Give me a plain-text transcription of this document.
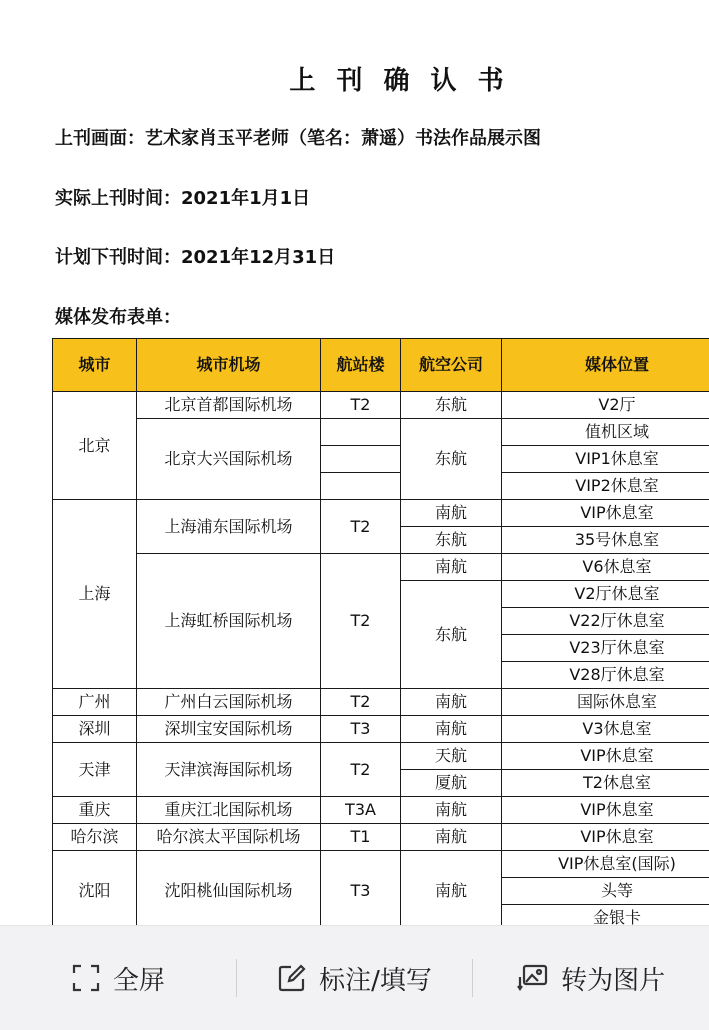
上 刊 确 认 书
上刊画面：艺术家肖玉平老师（笔名：萧遥）书法作品展示图
实际上刊时间：2021年1月1日
计划下刊时间：2021年12月31日
媒体发布表单：
城市	城市机场	航站楼	航空公司	媒体位置
北京	北京首都国际机场	T2	东航	V2厅
	北京大兴国际机场		东航	值机区域
				VIP1休息室
				VIP2休息室
上海	上海浦东国际机场	T2	南航	VIP休息室
			东航	35号休息室
	上海虹桥国际机场	T2	南航	V6休息室
			东航	V2厅休息室
				V22厅休息室
				V23厅休息室
				V28厅休息室
广州	广州白云国际机场	T2	南航	国际休息室
深圳	深圳宝安国际机场	T3	南航	V3休息室
天津	天津滨海国际机场	T2	天航	VIP休息室
			厦航	T2休息室
重庆	重庆江北国际机场	T3A	南航	VIP休息室
哈尔滨	哈尔滨太平国际机场	T1	南航	VIP休息室
沈阳	沈阳桃仙国际机场	T3	南航	VIP休息室(国际)
				头等
				金银卡
全屏	标注/填写	转为图片
